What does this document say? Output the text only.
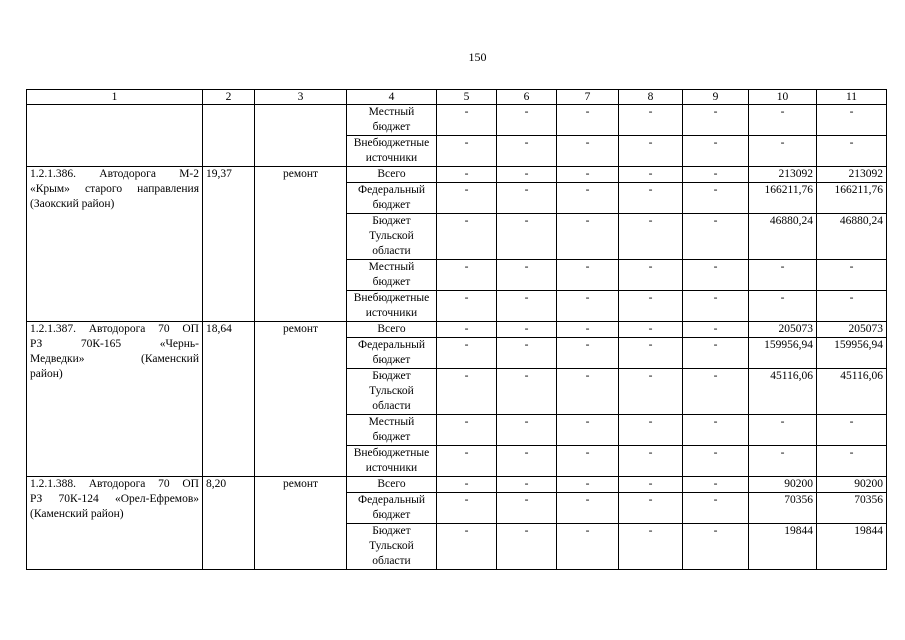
150
1	2	3	4	5	6	7	8	9	10	11
			Местный бюджет	-	-	-	-	-	-	-
			Внебюджетные источники	-	-	-	-	-	-	-

1.2.1.386. Автодорога М-2
«Крым» старого направления
(Заокский район)	19,37	ремонт	Всего	-	-	-	-	-	213092	213092
			Федеральный бюджет	-	-	-	-	-	166211,76	166211,76
			Бюджет Тульской области	-	-	-	-	-	46880,24	46880,24
			Местный бюджет	-	-	-	-	-	-	-
			Внебюджетные источники	-	-	-	-	-	-	-

1.2.1.387. Автодорога 70 ОП
РЗ 70К-165 «Чернь-
Медведки» (Каменский
район)	18,64	ремонт	Всего	-	-	-	-	-	205073	205073
			Федеральный бюджет	-	-	-	-	-	159956,94	159956,94
			Бюджет Тульской области	-	-	-	-	-	45116,06	45116,06
			Местный бюджет	-	-	-	-	-	-	-
			Внебюджетные источники	-	-	-	-	-	-	-

1.2.1.388. Автодорога 70 ОП
РЗ 70К-124 «Орел-Ефремов»
(Каменский район)	8,20	ремонт	Всего	-	-	-	-	-	90200	90200
			Федеральный бюджет	-	-	-	-	-	70356	70356
			Бюджет Тульской области	-	-	-	-	-	19844	19844
